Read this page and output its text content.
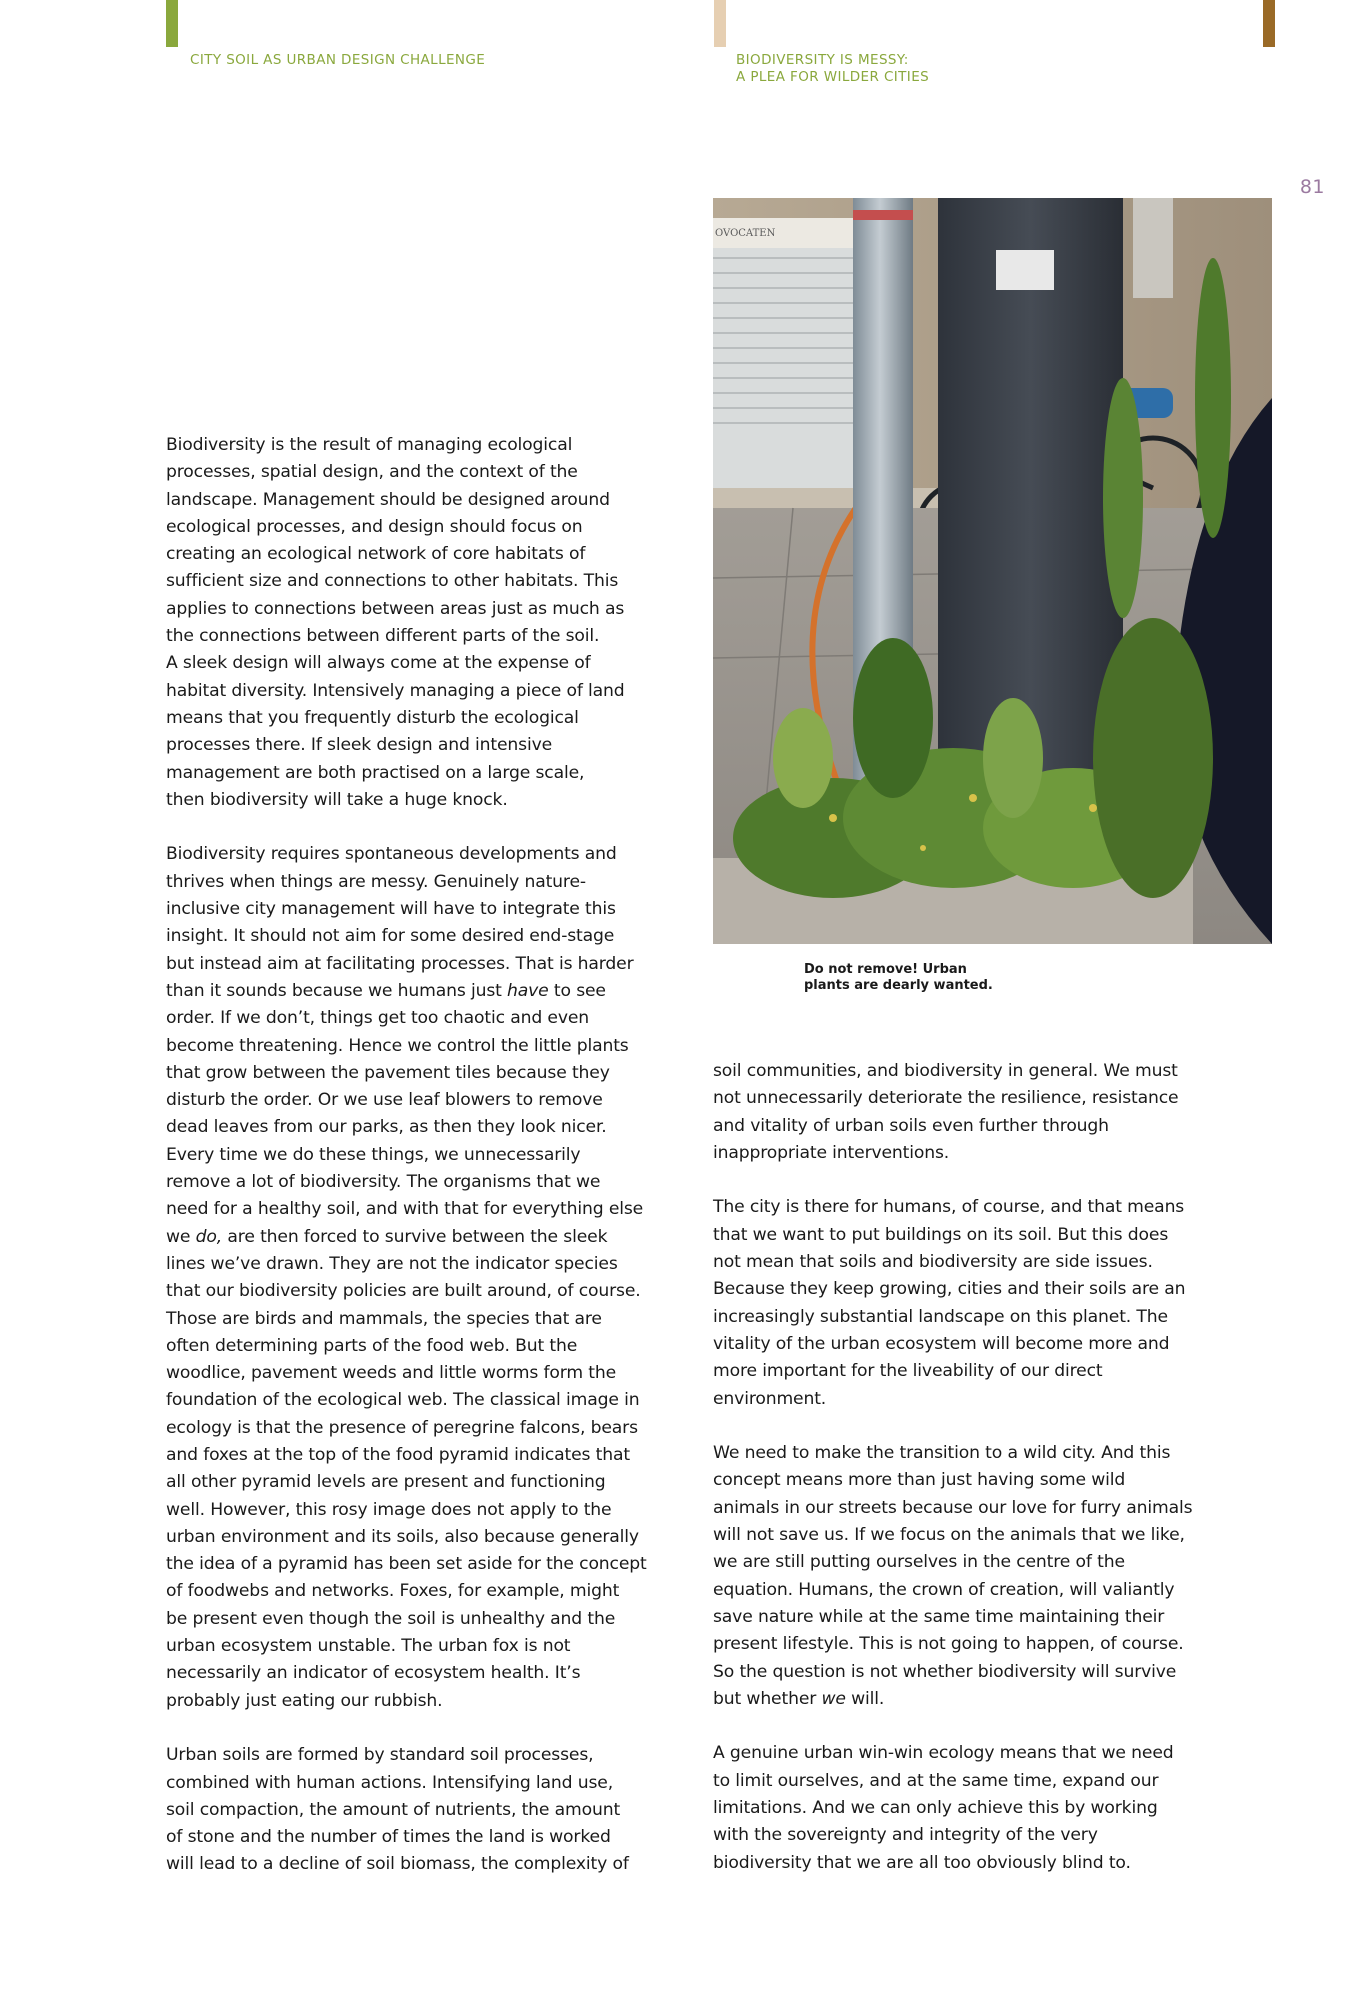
CITY SOIL AS URBAN DESIGN CHALLENGE	BIODIVERSITY IS MESSY:
A PLEA FOR WILDER CITIES
81

Biodiversity is the result of managing ecological
processes, spatial design, and the context of the
landscape. Management should be designed around
ecological processes, and design should focus on
creating an ecological network of core habitats of
sufficient size and connections to other habitats. This
applies to connections between areas just as much as
the connections between different parts of the soil.
A sleek design will always come at the expense of
habitat diversity. Intensively managing a piece of land
means that you frequently disturb the ecological
processes there. If sleek design and intensive
management are both practised on a large scale,
then biodiversity will take a huge knock.

Biodiversity requires spontaneous developments and
thrives when things are messy. Genuinely nature-
inclusive city management will have to integrate this
insight. It should not aim for some desired end-stage
but instead aim at facilitating processes. That is harder
than it sounds because we humans just have to see
order. If we don’t, things get too chaotic and even
become threatening. Hence we control the little plants
that grow between the pavement tiles because they
disturb the order. Or we use leaf blowers to remove
dead leaves from our parks, as then they look nicer.
Every time we do these things, we unnecessarily
remove a lot of biodiversity. The organisms that we
need for a healthy soil, and with that for everything else
we do, are then forced to survive between the sleek
lines we’ve drawn. They are not the indicator species
that our biodiversity policies are built around, of course.
Those are birds and mammals, the species that are
often determining parts of the food web. But the
woodlice, pavement weeds and little worms form the
foundation of the ecological web. The classical image in
ecology is that the presence of peregrine falcons, bears
and foxes at the top of the food pyramid indicates that
all other pyramid levels are present and functioning
well. However, this rosy image does not apply to the
urban environment and its soils, also because generally
the idea of a pyramid has been set aside for the concept
of foodwebs and networks. Foxes, for example, might
be present even though the soil is unhealthy and the
urban ecosystem unstable. The urban fox is not
necessarily an indicator of ecosystem health. It’s
probably just eating our rubbish.

Urban soils are formed by standard soil processes,
combined with human actions. Intensifying land use,
soil compaction, the amount of nutrients, the amount
of stone and the number of times the land is worked
will lead to a decline of soil biomass, the complexity of

OVOCATEN
Do not remove! Urban
plants are dearly wanted.

soil communities, and biodiversity in general. We must
not unnecessarily deteriorate the resilience, resistance
and vitality of urban soils even further through
inappropriate interventions.

The city is there for humans, of course, and that means
that we want to put buildings on its soil. But this does
not mean that soils and biodiversity are side issues.
Because they keep growing, cities and their soils are an
increasingly substantial landscape on this planet. The
vitality of the urban ecosystem will become more and
more important for the liveability of our direct
environment.

We need to make the transition to a wild city. And this
concept means more than just having some wild
animals in our streets because our love for furry animals
will not save us. If we focus on the animals that we like,
we are still putting ourselves in the centre of the
equation. Humans, the crown of creation, will valiantly
save nature while at the same time maintaining their
present lifestyle. This is not going to happen, of course.
So the question is not whether biodiversity will survive
but whether we will.

A genuine urban win-win ecology means that we need
to limit ourselves, and at the same time, expand our
limitations. And we can only achieve this by working
with the sovereignty and integrity of the very
biodiversity that we are all too obviously blind to.
